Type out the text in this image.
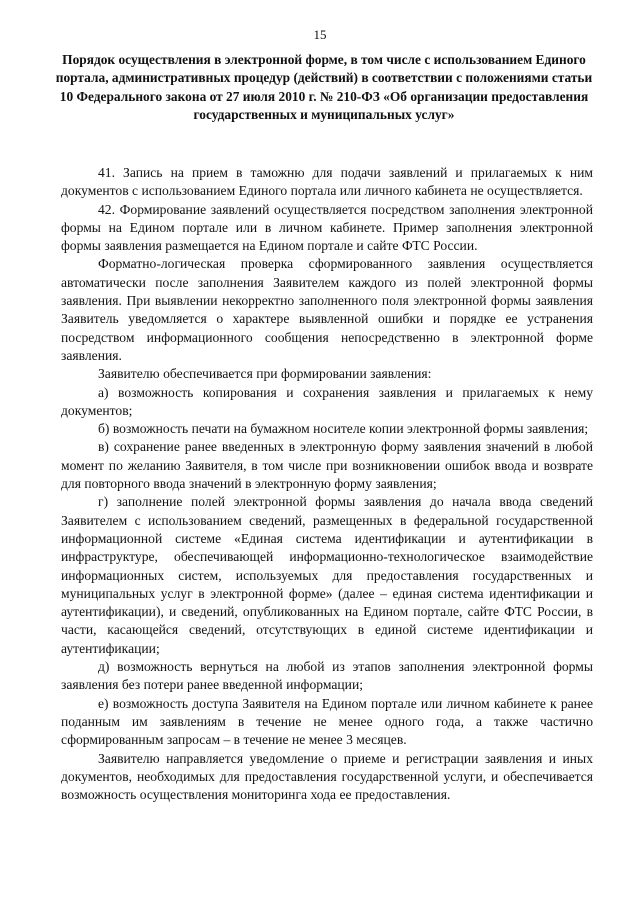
15
Порядок осуществления в электронной форме, в том числе с использованием Единого портала, административных процедур (действий) в соответствии с положениями статьи 10 Федерального закона от 27 июля 2010 г. № 210-ФЗ «Об организации предоставления государственных и муниципальных услуг»

41. Запись на прием в таможню для подачи заявлений и прилагаемых к ним документов с использованием Единого портала или личного кабинета не осуществляется.

42. Формирование заявлений осуществляется посредством заполнения электронной формы на Едином портале или в личном кабинете. Пример заполнения электронной формы заявления размещается на Едином портале и сайте ФТС России.

Форматно-логическая проверка сформированного заявления осуществляется автоматически после заполнения Заявителем каждого из полей электронной формы заявления. При выявлении некорректно заполненного поля электронной формы заявления Заявитель уведомляется о характере выявленной ошибки и порядке ее устранения посредством информационного сообщения непосредственно в электронной форме заявления.

Заявителю обеспечивается при формировании заявления:

а) возможность копирования и сохранения заявления и прилагаемых к нему документов;

б) возможность печати на бумажном носителе копии электронной формы заявления;

в) сохранение ранее введенных в электронную форму заявления значений в любой момент по желанию Заявителя, в том числе при возникновении ошибок ввода и возврате для повторного ввода значений в электронную форму заявления;

г) заполнение полей электронной формы заявления до начала ввода сведений Заявителем с использованием сведений, размещенных в федеральной государственной информационной системе «Единая система идентификации и аутентификации в инфраструктуре, обеспечивающей информационно-технологическое взаимодействие информационных систем, используемых для предоставления государственных и муниципальных услуг в электронной форме» (далее – единая система идентификации и аутентификации), и сведений, опубликованных на Едином портале, сайте ФТС России, в части, касающейся сведений, отсутствующих в единой системе идентификации и аутентификации;

д) возможность вернуться на любой из этапов заполнения электронной формы заявления без потери ранее введенной информации;

е) возможность доступа Заявителя на Едином портале или личном кабинете к ранее поданным им заявлениям в течение не менее одного года, а также частично сформированным запросам – в течение не менее 3 месяцев.

Заявителю направляется уведомление о приеме и регистрации заявления и иных документов, необходимых для предоставления государственной услуги, и обеспечивается возможность осуществления мониторинга хода ее предоставления.
